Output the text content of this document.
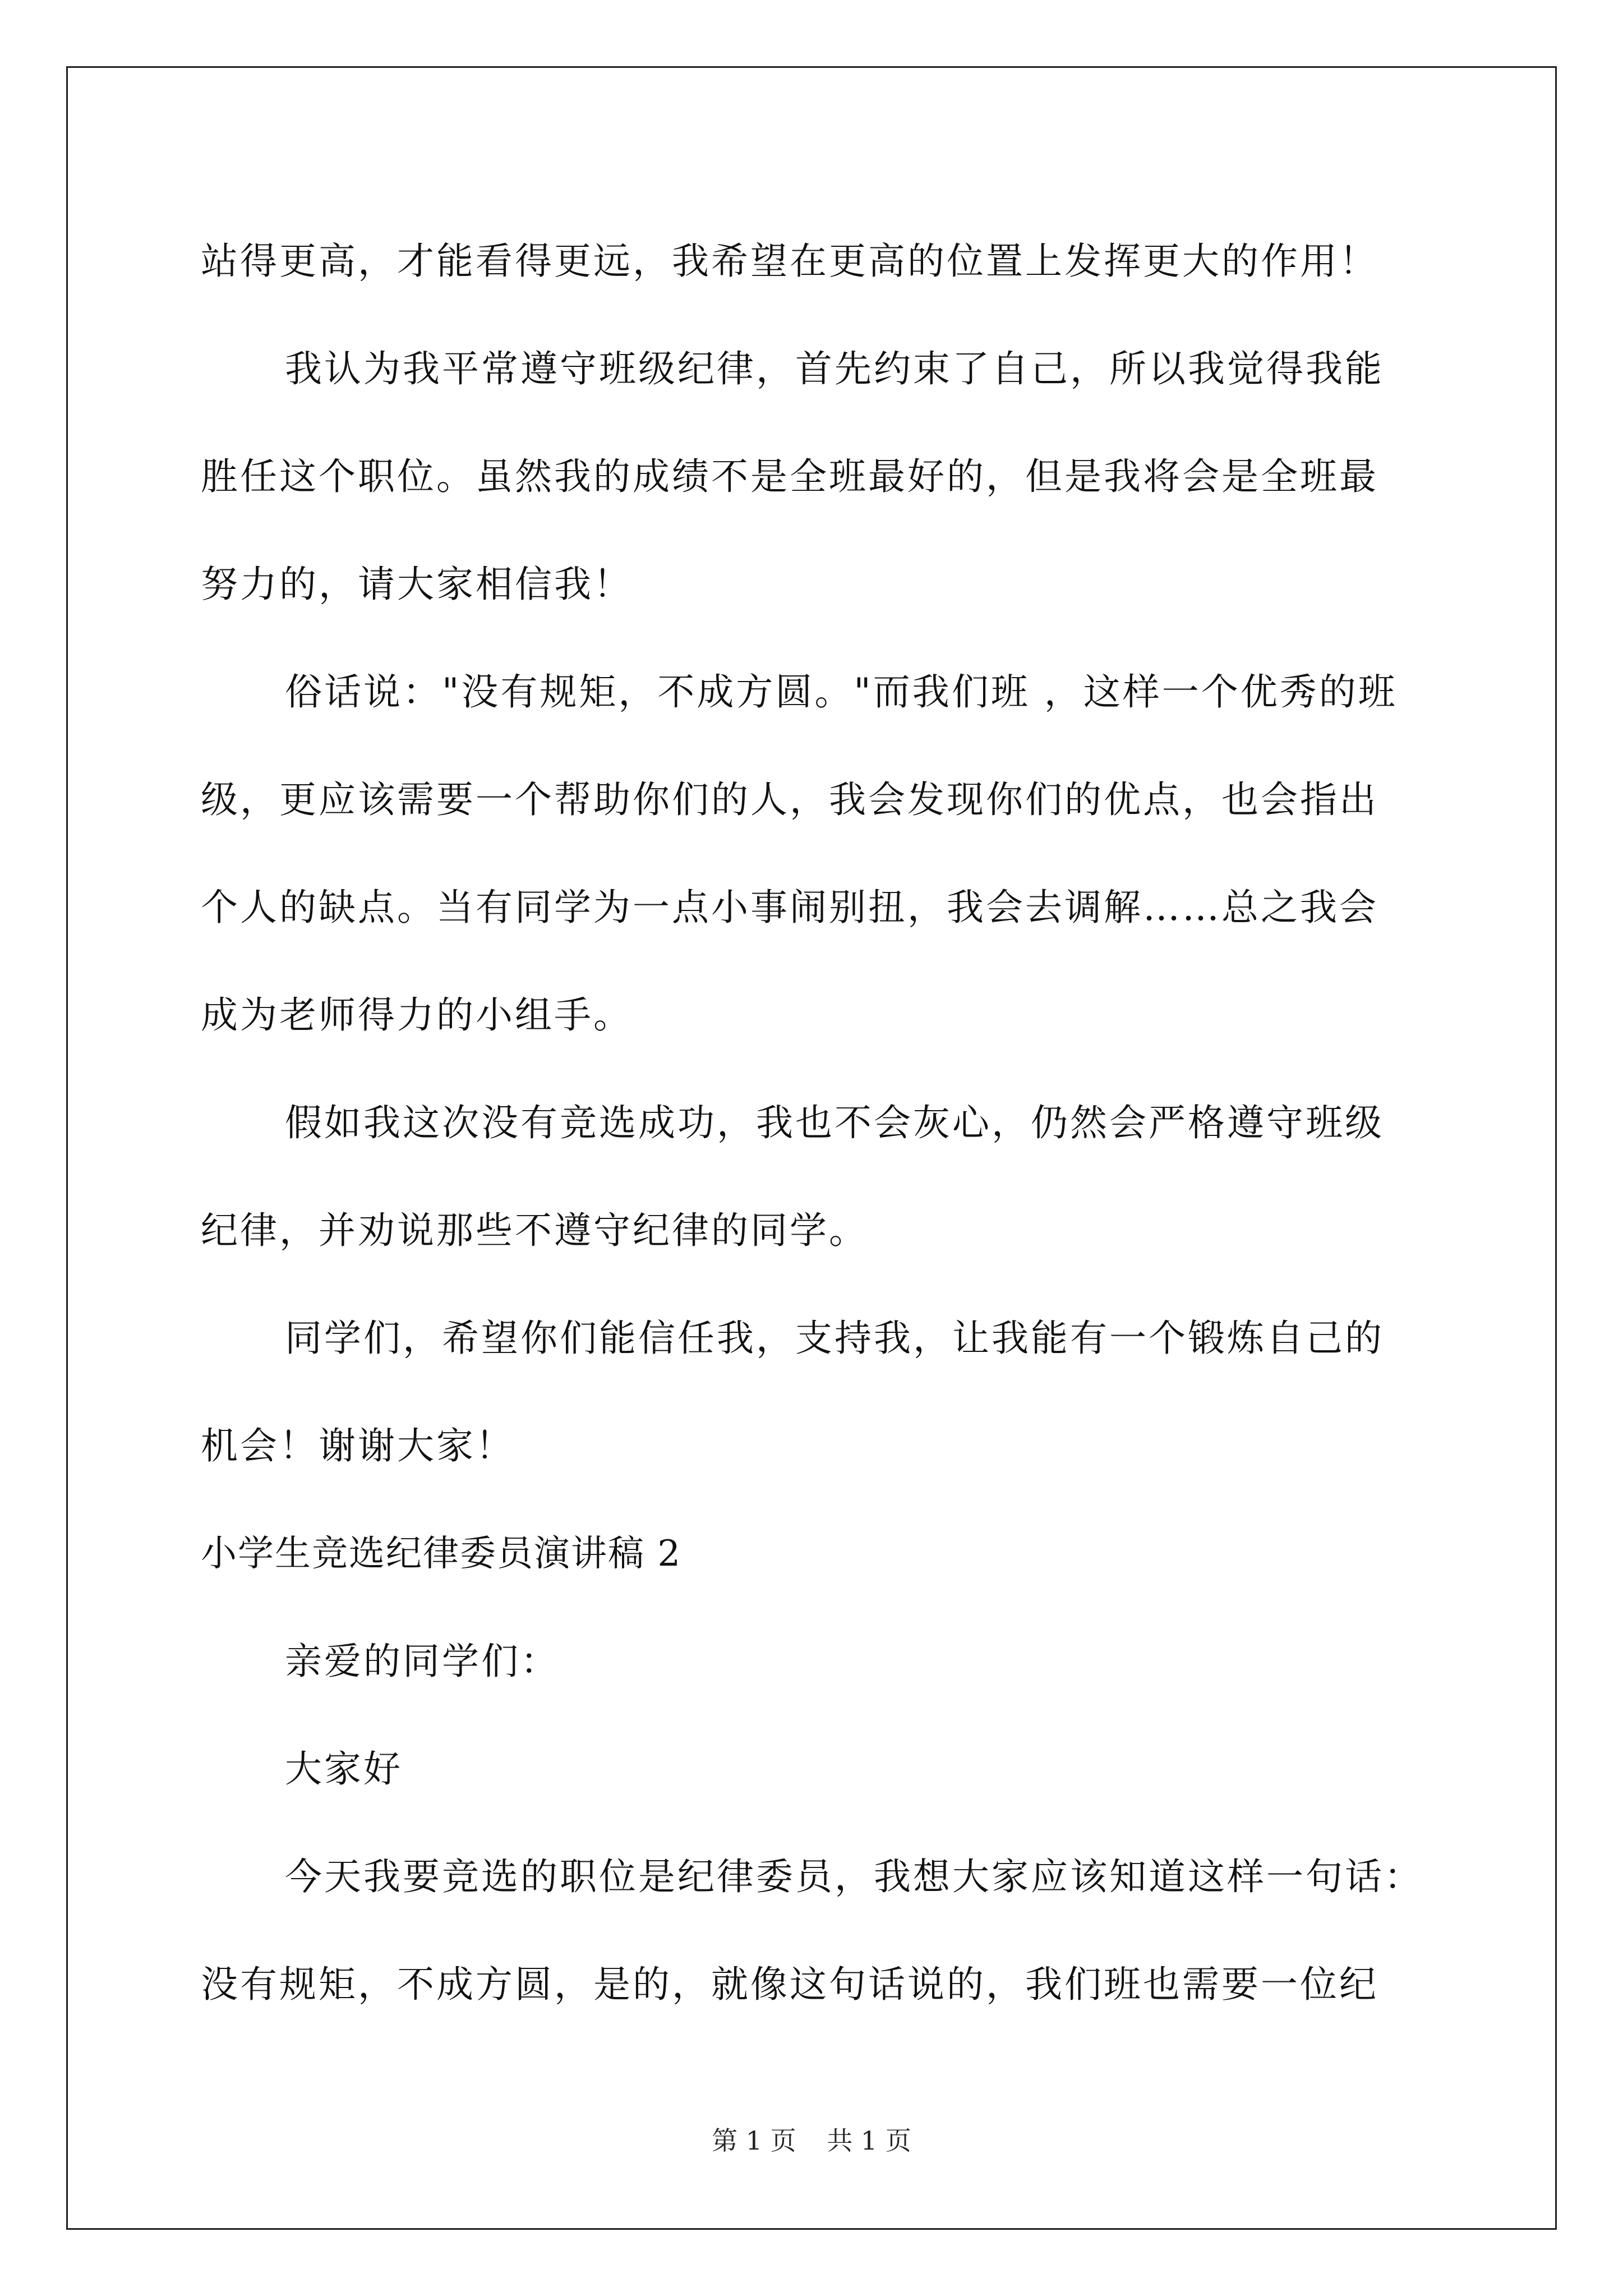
站得更高，才能看得更远，我希望在更高的位置上发挥更大的作用！

我认为我平常遵守班级纪律，首先约束了自己，所以我觉得我能

胜任这个职位。虽然我的成绩不是全班最好的，但是我将会是全班最

努力的，请大家相信我！

俗话说："没有规矩，不成方圆。"而我们班 ，这样一个优秀的班

级，更应该需要一个帮助你们的人，我会发现你们的优点，也会指出

个人的缺点。当有同学为一点小事闹别扭，我会去调解……总之我会

成为老师得力的小组手。

假如我这次没有竞选成功，我也不会灰心，仍然会严格遵守班级

纪律，并劝说那些不遵守纪律的同学。

同学们，希望你们能信任我，支持我，让我能有一个锻炼自己的

机会！谢谢大家！

小学生竞选纪律委员演讲稿 2

亲爱的同学们：

大家好

今天我要竞选的职位是纪律委员，我想大家应该知道这样一句话：

没有规矩，不成方圆，是的，就像这句话说的，我们班也需要一位纪

第 1 页 共 1 页
